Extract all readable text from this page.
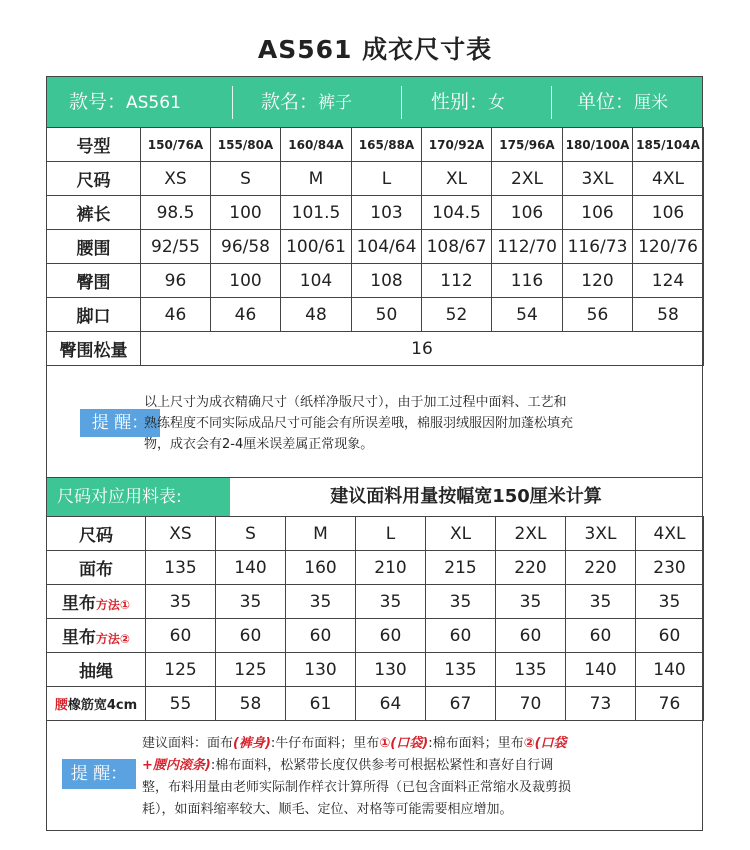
AS561 成衣尺寸表
款号：AS561	款名：裤子	性别：女	单位：厘米
号型	150/76A	155/80A	160/84A	165/88A	170/92A	175/96A	180/100A	185/104A
尺码	XS	S	M	L	XL	2XL	3XL	4XL
裤长	98.5	100	101.5	103	104.5	106	106	106
腰围	92/55	96/58	100/61	104/64	108/67	112/70	116/73	120/76
臀围	96	100	104	108	112	116	120	124
脚口	46	46	48	50	52	54	56	58
臀围松量	16							
提 醒：
以上尺寸为成衣精确尺寸（纸样净版尺寸），由于加工过程中面料、工艺和
熟练程度不同实际成品尺寸可能会有所误差哦，棉服羽绒服因附加蓬松填充
物，成衣会有2-4厘米误差属正常现象。
尺码对应用料表:	建议面料用量按幅宽150厘米计算
尺码	XS	S	M	L	XL	2XL	3XL	4XL
面布	135	140	160	210	215	220	220	230
里布方法①	35	35	35	35	35	35	35	35
里布方法②	60	60	60	60	60	60	60	60
抽绳	125	125	130	130	135	135	140	140
腰橡筋宽4cm	55	58	61	64	67	70	73	76
提 醒：
建议面料：面布(裤身):牛仔布面料；里布①(口袋):棉布面料；里布②(口袋
+腰内滚条):棉布面料，松紧带长度仅供参考可根据松紧性和喜好自行调
整，布料用量由老师实际制作样衣计算所得（已包含面料正常缩水及裁剪损
耗），如面料缩率较大、顺毛、定位、对格等可能需要相应增加。
